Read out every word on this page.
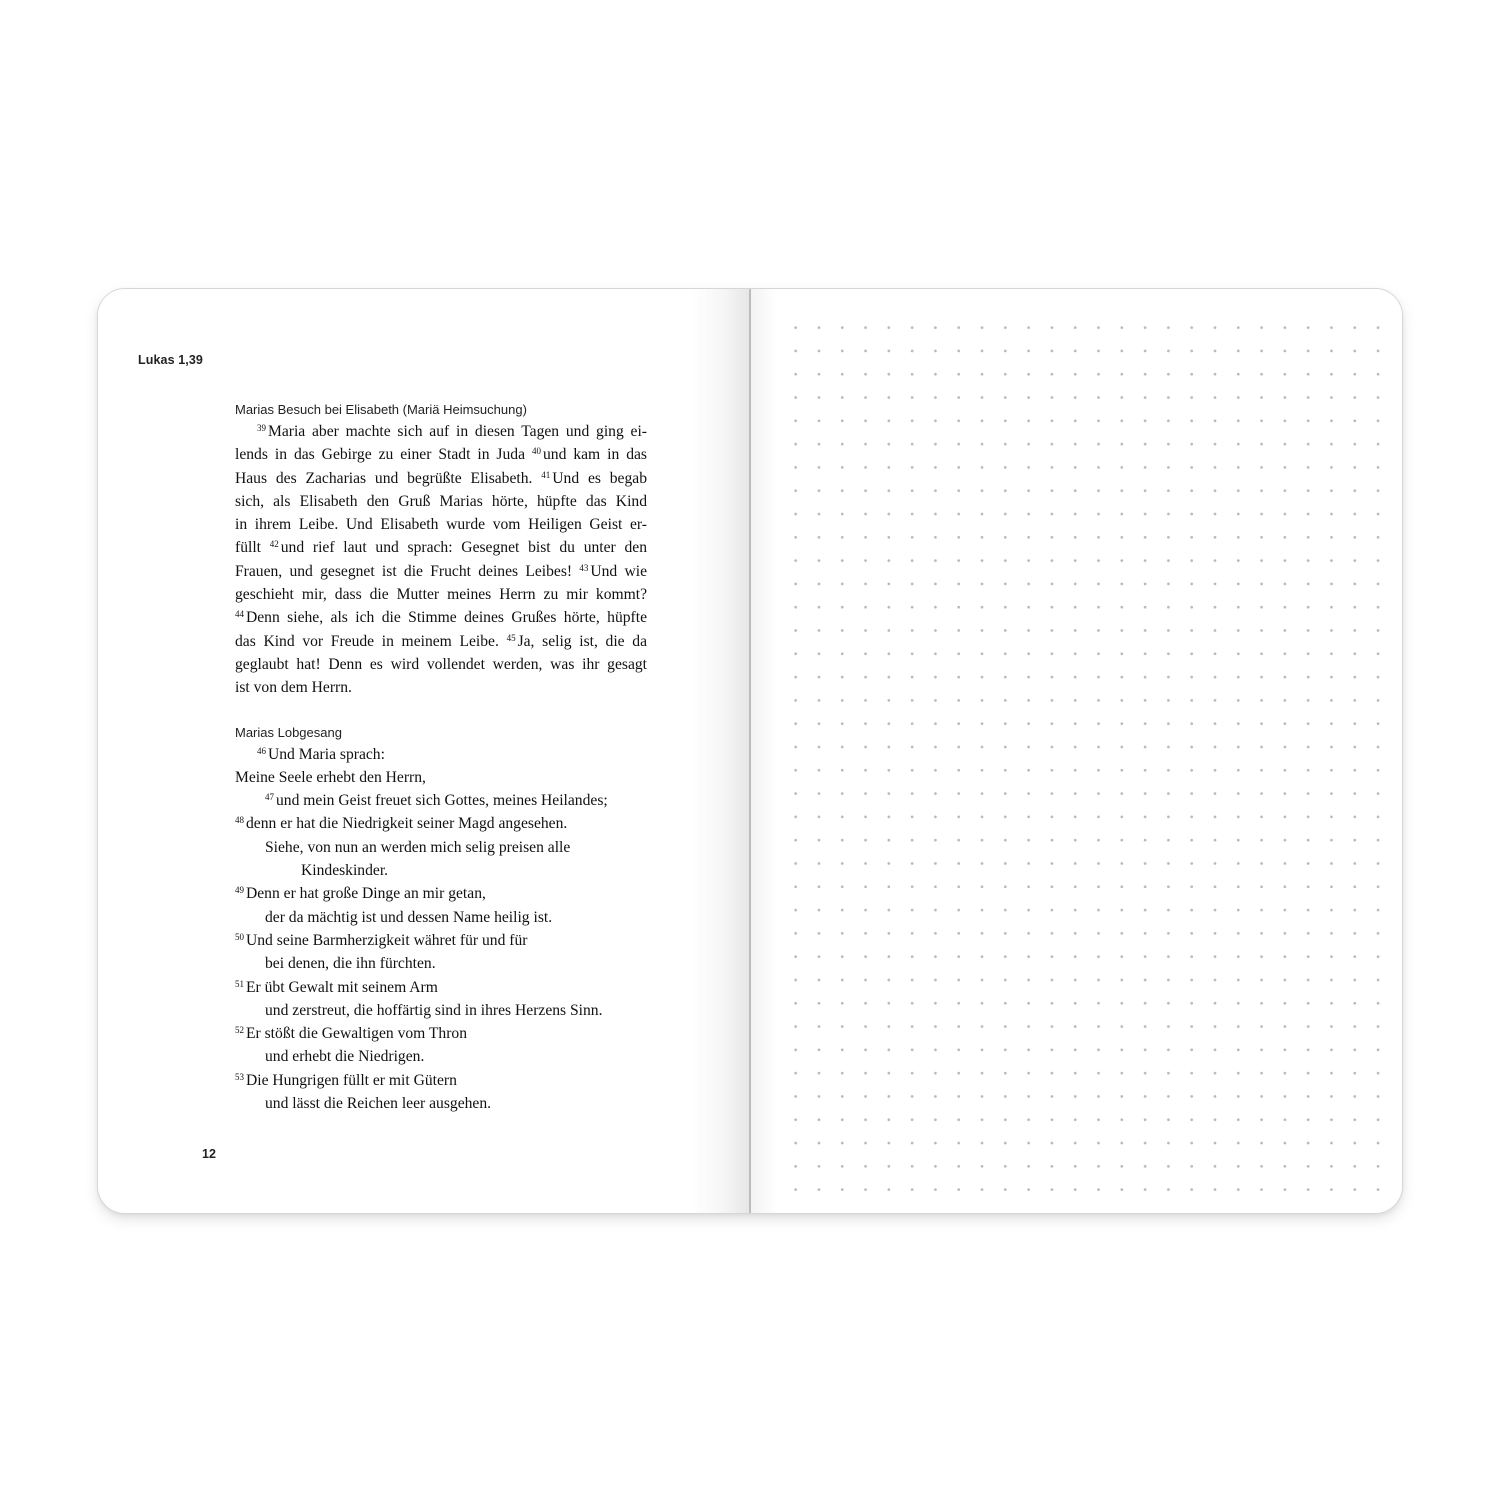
Lukas 1,39
Marias Besuch bei Elisabeth (Mariä Heimsuchung)
$^{39}$ Maria aber machte sich auf in diesen Tagen und ging ei-
lends in das Gebirge zu einer Stadt in Juda $^{40}$ und kam in das
Haus des Zacharias und begrüßte Elisabeth. $^{41}$ Und es begab
sich, als Elisabeth den Gruß Marias hörte, hüpfte das Kind
in ihrem Leibe. Und Elisabeth wurde vom Heiligen Geist er-
füllt $^{42}$ und rief laut und sprach: Gesegnet bist du unter den
Frauen, und gesegnet ist die Frucht deines Leibes! $^{43}$ Und wie
geschieht mir, dass die Mutter meines Herrn zu mir kommt?
$^{44}$ Denn siehe, als ich die Stimme deines Grußes hörte, hüpfte
das Kind vor Freude in meinem Leibe. $^{45}$ Ja, selig ist, die da
geglaubt hat! Denn es wird vollendet werden, was ihr gesagt
ist von dem Herrn.
Marias Lobgesang
$^{46}$ Und Maria sprach:
Meine Seele erhebt den Herrn,
$^{47}$ und mein Geist freuet sich Gottes, meines Heilandes;
$^{48}$ denn er hat die Niedrigkeit seiner Magd angesehen.
Siehe, von nun an werden mich selig preisen alle
Kindeskinder.
$^{49}$ Denn er hat große Dinge an mir getan,
der da mächtig ist und dessen Name heilig ist.
$^{50}$ Und seine Barmherzigkeit währet für und für
bei denen, die ihn fürchten.
$^{51}$ Er übt Gewalt mit seinem Arm
und zerstreut, die hoffärtig sind in ihres Herzens Sinn.
$^{52}$ Er stößt die Gewaltigen vom Thron
und erhebt die Niedrigen.
$^{53}$ Die Hungrigen füllt er mit Gütern
und lässt die Reichen leer ausgehen.
12
